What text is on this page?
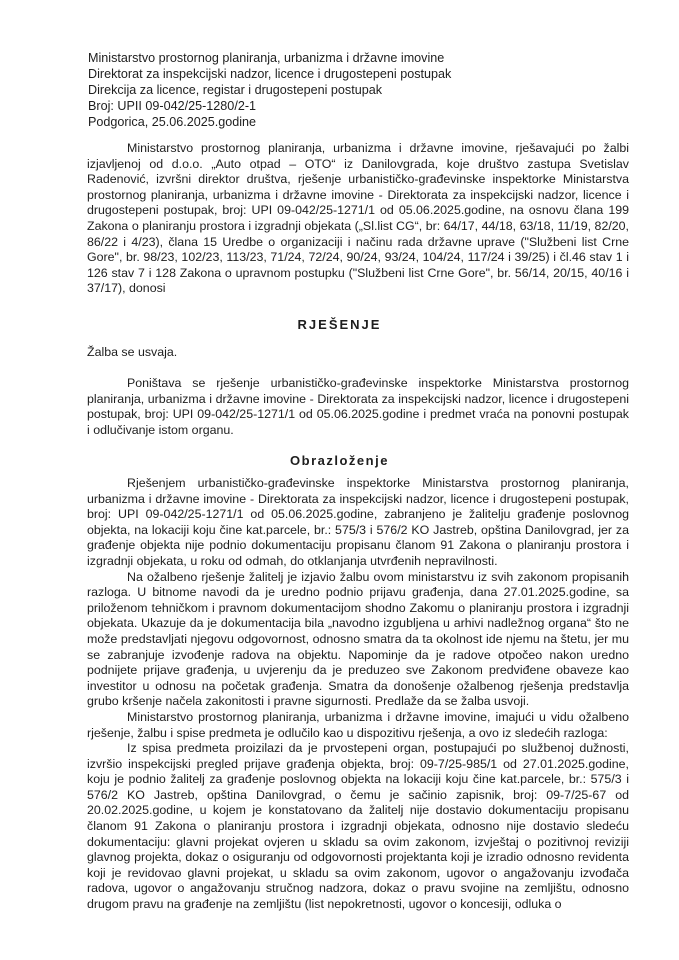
Ministarstvo prostornog planiranja, urbanizma i državne imovine
Direktorat za inspekcijski nadzor, licence i drugostepeni postupak
Direkcija za licence, registar i drugostepeni postupak
Broj: UPII 09-042/25-1280/2-1
Podgorica, 25.06.2025.godine

Ministarstvo prostornog planiranja, urbanizma i državne imovine, rješavajući po žalbi izjavljenoj od d.o.o. „Auto otpad – OTO“ iz Danilovgrada, koje društvo zastupa Svetislav Radenović, izvršni direktor društva, rješenje urbanističko-građevinske inspektorke Ministarstva prostornog planiranja, urbanizma i državne imovine - Direktorata za inspekcijski nadzor, licence i drugostepeni postupak, broj: UPI 09-042/25-1271/1 od 05.06.2025.godine, na osnovu člana 199 Zakona o planiranju prostora i izgradnji objekata („Sl.list CG“, br: 64/17, 44/18, 63/18, 11/19, 82/20, 86/22 i 4/23), člana 15 Uredbe o organizaciji i načinu rada državne uprave ("Službeni list Crne Gore", br. 98/23, 102/23, 113/23, 71/24, 72/24, 90/24, 93/24, 104/24, 117/24 i 39/25) i čl.46 stav 1 i 126 stav 7 i 128 Zakona o upravnom postupku ("Službeni list Crne Gore", br. 56/14, 20/15, 40/16 i 37/17), donosi

RJEŠENJE

Žalba se usvaja.

Poništava se rješenje urbanističko-građevinske inspektorke Ministarstva prostornog planiranja, urbanizma i državne imovine - Direktorata za inspekcijski nadzor, licence i drugostepeni postupak, broj: UPI 09-042/25-1271/1 od 05.06.2025.godine i predmet vraća na ponovni postupak i odlučivanje istom organu.

Obrazloženje

Rješenjem urbanističko-građevinske inspektorke Ministarstva prostornog planiranja, urbanizma i državne imovine - Direktorata za inspekcijski nadzor, licence i drugostepeni postupak, broj: UPI 09-042/25-1271/1 od 05.06.2025.godine, zabranjeno je žalitelju građenje poslovnog objekta, na lokaciji koju čine kat.parcele, br.: 575/3 i 576/2 KO Jastreb, opština Danilovgrad, jer za građenje objekta nije podnio dokumentaciju propisanu članom 91 Zakona o planiranju prostora i izgradnji objekata, u roku od odmah, do otklanjanja utvrđenih nepravilnosti.

Na ožalbeno rješenje žalitelj je izjavio žalbu ovom ministarstvu iz svih zakonom propisanih razloga. U bitnome navodi da je uredno podnio prijavu građenja, dana 27.01.2025.godine, sa priloženom tehničkom i pravnom dokumentacijom shodno Zakomu o planiranju prostora i izgradnji objekata. Ukazuje da je dokumentacija bila „navodno izgubljena u arhivi nadležnog organa“ što ne može predstavljati njegovu odgovornost, odnosno smatra da ta okolnost ide njemu na štetu, jer mu se zabranjuje izvođenje radova na objektu. Napominje da je radove otpočeo nakon uredno podnijete prijave građenja, u uvjerenju da je preduzeo sve Zakonom predviđene obaveze kao investitor u odnosu na početak građenja. Smatra da donošenje ožalbenog rješenja predstavlja grubo kršenje načela zakonitosti i pravne sigurnosti. Predlaže da se žalba usvoji.

Ministarstvo prostornog planiranja, urbanizma i državne imovine, imajući u vidu ožalbeno rješenje, žalbu i spise predmeta je odlučilo kao u dispozitivu rješenja, a ovo iz sledećih razloga:

Iz spisa predmeta proizilazi da je prvostepeni organ, postupajući po službenoj dužnosti, izvršio inspekcijski pregled prijave građenja objekta, broj: 09-7/25-985/1 od 27.01.2025.godine, koju je podnio žalitelj za građenje poslovnog objekta na lokaciji koju čine kat.parcele, br.: 575/3 i 576/2 KO Jastreb, opština Danilovgrad, o čemu je sačinio zapisnik, broj: 09-7/25-67 od 20.02.2025.godine, u kojem je konstatovano da žalitelj nije dostavio dokumentaciju propisanu članom 91 Zakona o planiranju prostora i izgradnji objekata, odnosno nije dostavio sledeću dokumentaciju: glavni projekat ovjeren u skladu sa ovim zakonom, izvještaj o pozitivnoj reviziji glavnog projekta, dokaz o osiguranju od odgovornosti projektanta koji je izradio odnosno revidenta koji je revidovao glavni projekat, u skladu sa ovim zakonom, ugovor o angažovanju izvođača radova, ugovor o angažovanju stručnog nadzora, dokaz o pravu svojine na zemljištu, odnosno drugom pravu na građenje na zemljištu (list nepokretnosti, ugovor o koncesiji, odluka o
